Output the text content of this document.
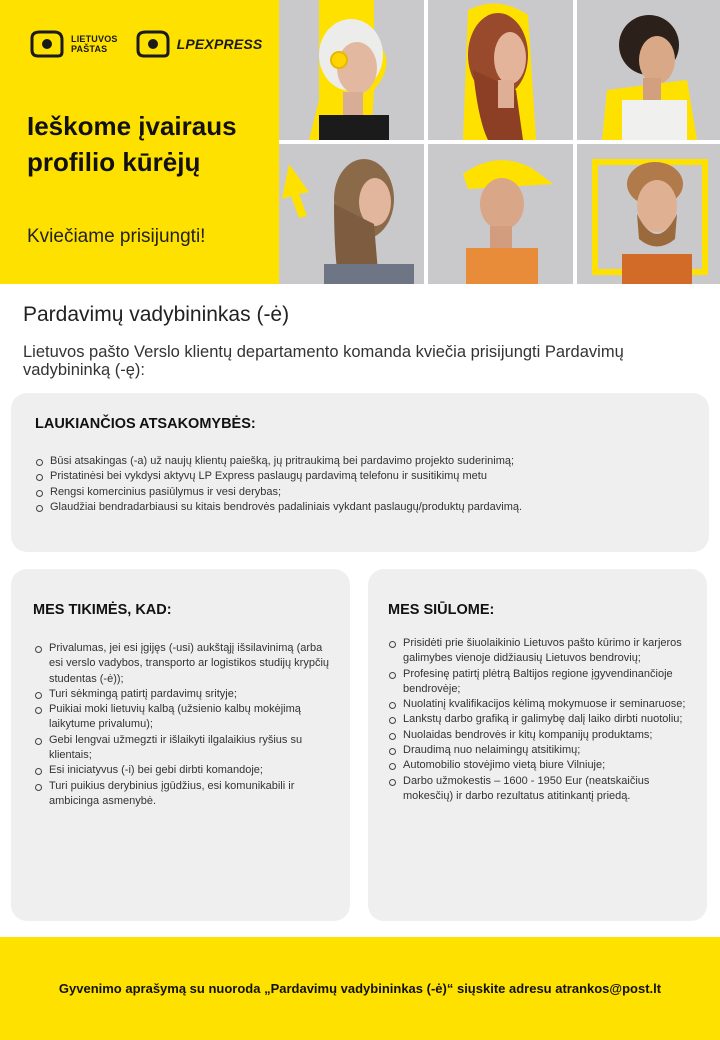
LIETUVOS
PAŠTAS	LPEXPRESS
Ieškome įvairaus profilio kūrėjų
Kviečiame prisijungti!
Pardavimų vadybininkas (-ė)

Lietuvos pašto Verslo klientų departamento komanda kviečia prisijungti Pardavimų vadybininką (-ę):

LAUKIANČIOS ATSAKOMYBĖS:
Būsi atsakingas (-a) už naujų klientų paiešką, jų pritraukimą bei pardavimo projekto suderinimą;
Pristatinėsi bei vykdysi aktyvų LP Express paslaugų pardavimą telefonu ir susitikimų metu
Rengsi komercinius pasiūlymus ir vesi derybas;
Glaudžiai bendradarbiausi su kitais bendrovės padaliniais vykdant paslaugų/produktų pardavimą.
MES TIKIMĖS, KAD:
Privalumas, jei esi įgijęs (-usi) aukštąjį išsilavinimą (arba esi verslo vadybos, transporto ar logistikos studijų krypčių studentas (-ė));
Turi sėkmingą patirtį pardavimų srityje;
Puikiai moki lietuvių kalbą (užsienio kalbų mokėjimą laikytume privalumu);
Gebi lengvai užmegzti ir išlaikyti ilgalaikius ryšius su klientais;
Esi iniciatyvus (-i) bei gebi dirbti komandoje;
Turi puikius derybinius įgūdžius, esi komunikabili ir ambicinga asmenybė.
MES SIŪLOME:
Prisidėti prie šiuolaikinio Lietuvos pašto kūrimo ir karjeros galimybes vienoje didžiausių Lietuvos bendrovių;
Profesinę patirtį plėtrą Baltijos regione įgyvendinančioje bendrovėje;
Nuolatinį kvalifikacijos kėlimą mokymuose ir seminaruose;
Lankstų darbo grafiką ir galimybę dalį laiko dirbti nuotoliu;
Nuolaidas bendrovės ir kitų kompanijų produktams;
Draudimą nuo nelaimingų atsitikimų;
Automobilio stovėjimo vietą biure Vilniuje;
Darbo užmokestis – 1600 - 1950 Eur (neatskaičius mokesčių) ir darbo rezultatus atitinkantį priedą.

Gyvenimo aprašymą su nuoroda „Pardavimų vadybininkas (-ė)“ siųskite adresu atrankos@post.lt
